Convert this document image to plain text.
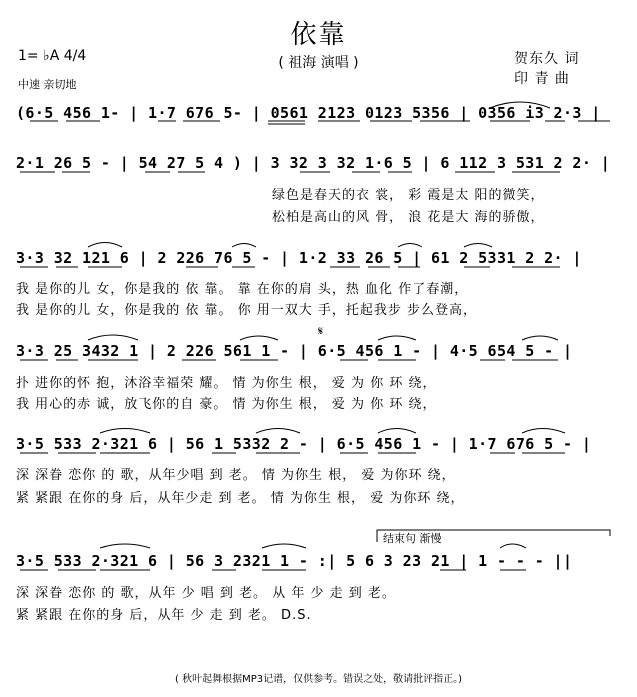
依靠
( 祖海 演唱 )
1= ♭A 4/4
中速 亲切地
贺东久 词
印 青 曲
(6·5 456 1- | 1·7 676 5- | 0561 2123 0123 5356 | 0356 i3 2·3 |
2·1 26 5 - | 54 27 5 4 ) | 3 32 3 32 1·6 5 | 6 112 3 531 2 2· |
绿色是春天的衣 裳， 彩 霞是太 阳的微笑，
松柏是高山的风 骨， 浪 花是大 海的骄傲，
3·3 32 121 6 | 2 226 76 5 - | 1·2 33 26 5 | 61 2 5331 2 2· |
我 是你的儿 女，你是我的 依 靠。 靠 在你的肩 头，热 血化 作了春潮，
我 是你的儿 女，你是我的 依 靠。 你 用一双大 手，托起我步 步么登高，
𝄋
3·3 25 3432 1 | 2 226 561 1 - | 6·5 456 1 - | 4·5 654 5 - |
扑 进你的怀 抱，沐浴幸福荣 耀。 情 为你生 根， 爱 为 你 环 绕，
我 用心的赤 诚，放飞你的自 豪。 情 为你生 根， 爱 为 你 环 绕，
3·5 533 2·321 6 | 56 1 5332 2 - | 6·5 456 1 - | 1·7 676 5 - |
深 深眷 恋你 的 歌，从年少唱 到 老。 情 为你生 根， 爱 为你环 绕，
紧 紧跟 在你的身 后，从年少走 到 老。 情 为你生 根， 爱 为你环 绕，
结束句 渐慢
3·5 533 2·321 6 | 56 3 2321 1 - :| 5 6 3 23 21 | 1 - - - ||
深 深眷 恋你 的 歌，从年 少 唱 到 老。 从 年 少 走 到 老。
紧 紧跟 在你的身 后，从年 少 走 到 老。 D.S.
( 秋叶起舞根据MP3记谱，仅供参考。错误之处，敬请批评指正。)
